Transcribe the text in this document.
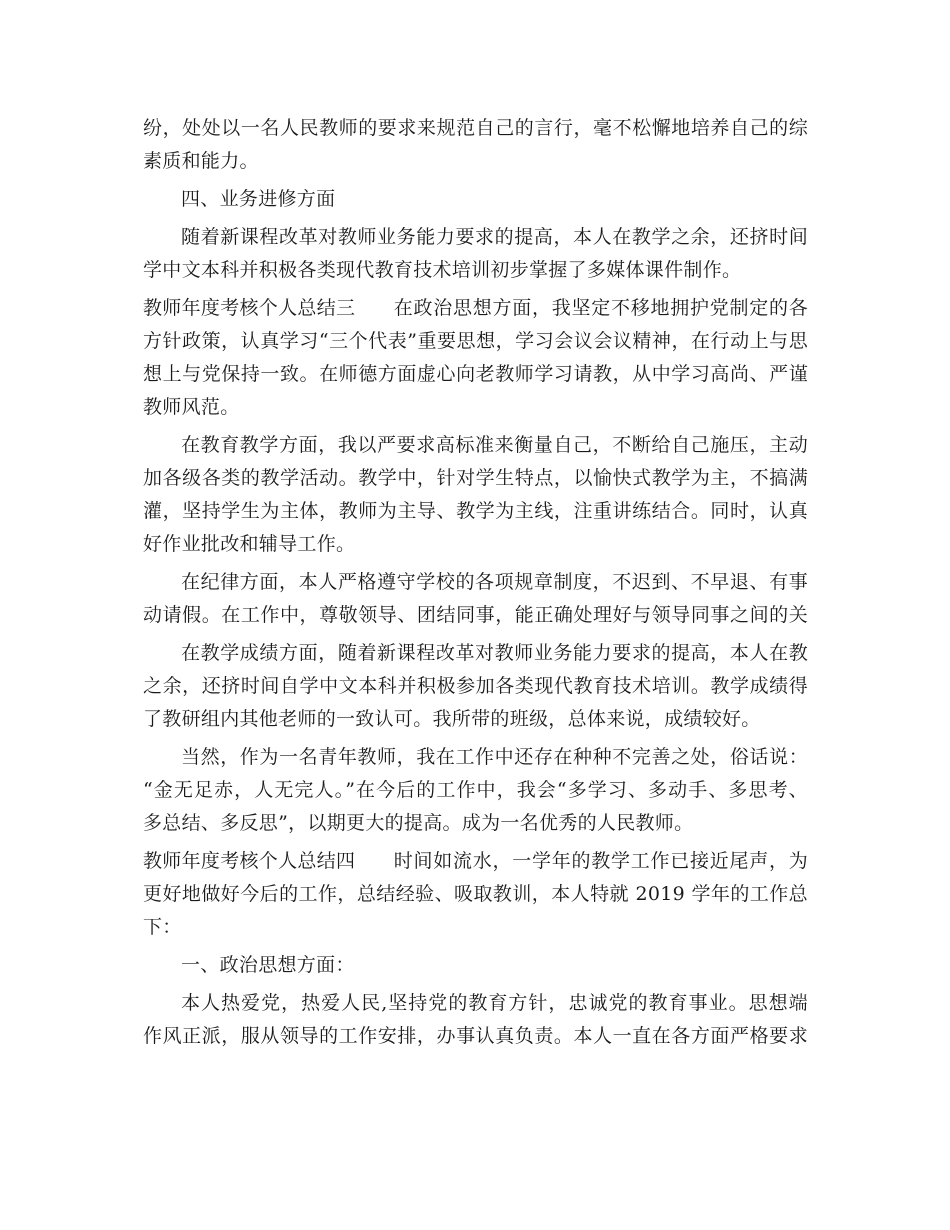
纷，处处以一名人民教师的要求来规范自己的言行，毫不松懈地培养自己的综
素质和能力。
四、业务进修方面
随着新课程改革对教师业务能力要求的提高，本人在教学之余，还挤时间
学中文本科并积极各类现代教育技术培训初步掌握了多媒体课件制作。
教师年度考核个人总结三 在政治思想方面，我坚定不移地拥护党制定的各
方针政策，认真学习“三个代表”重要思想，学习会议会议精神，在行动上与思
想上与党保持一致。在师德方面虚心向老教师学习请教，从中学习高尚、严谨
教师风范。
在教育教学方面，我以严要求高标准来衡量自己，不断给自己施压，主动
加各级各类的教学活动。教学中，针对学生特点，以愉快式教学为主，不搞满
灌，坚持学生为主体，教师为主导、教学为主线，注重讲练结合。同时，认真
好作业批改和辅导工作。
在纪律方面，本人严格遵守学校的各项规章制度，不迟到、不早退、有事
动请假。在工作中，尊敬领导、团结同事，能正确处理好与领导同事之间的关
在教学成绩方面，随着新课程改革对教师业务能力要求的提高，本人在教
之余，还挤时间自学中文本科并积极参加各类现代教育技术培训。教学成绩得
了教研组内其他老师的一致认可。我所带的班级，总体来说，成绩较好。
当然，作为一名青年教师，我在工作中还存在种种不完善之处，俗话说：
“金无足赤，人无完人。”在今后的工作中，我会“多学习、多动手、多思考、
多总结、多反思”，以期更大的提高。成为一名优秀的人民教师。
教师年度考核个人总结四 时间如流水，一学年的教学工作已接近尾声，为
更好地做好今后的工作，总结经验、吸取教训，本人特就 2019 学年的工作总
下：
一、政治思想方面：
本人热爱党，热爱人民,坚持党的教育方针，忠诚党的教育事业。思想端
作风正派，服从领导的工作安排，办事认真负责。本人一直在各方面严格要求
